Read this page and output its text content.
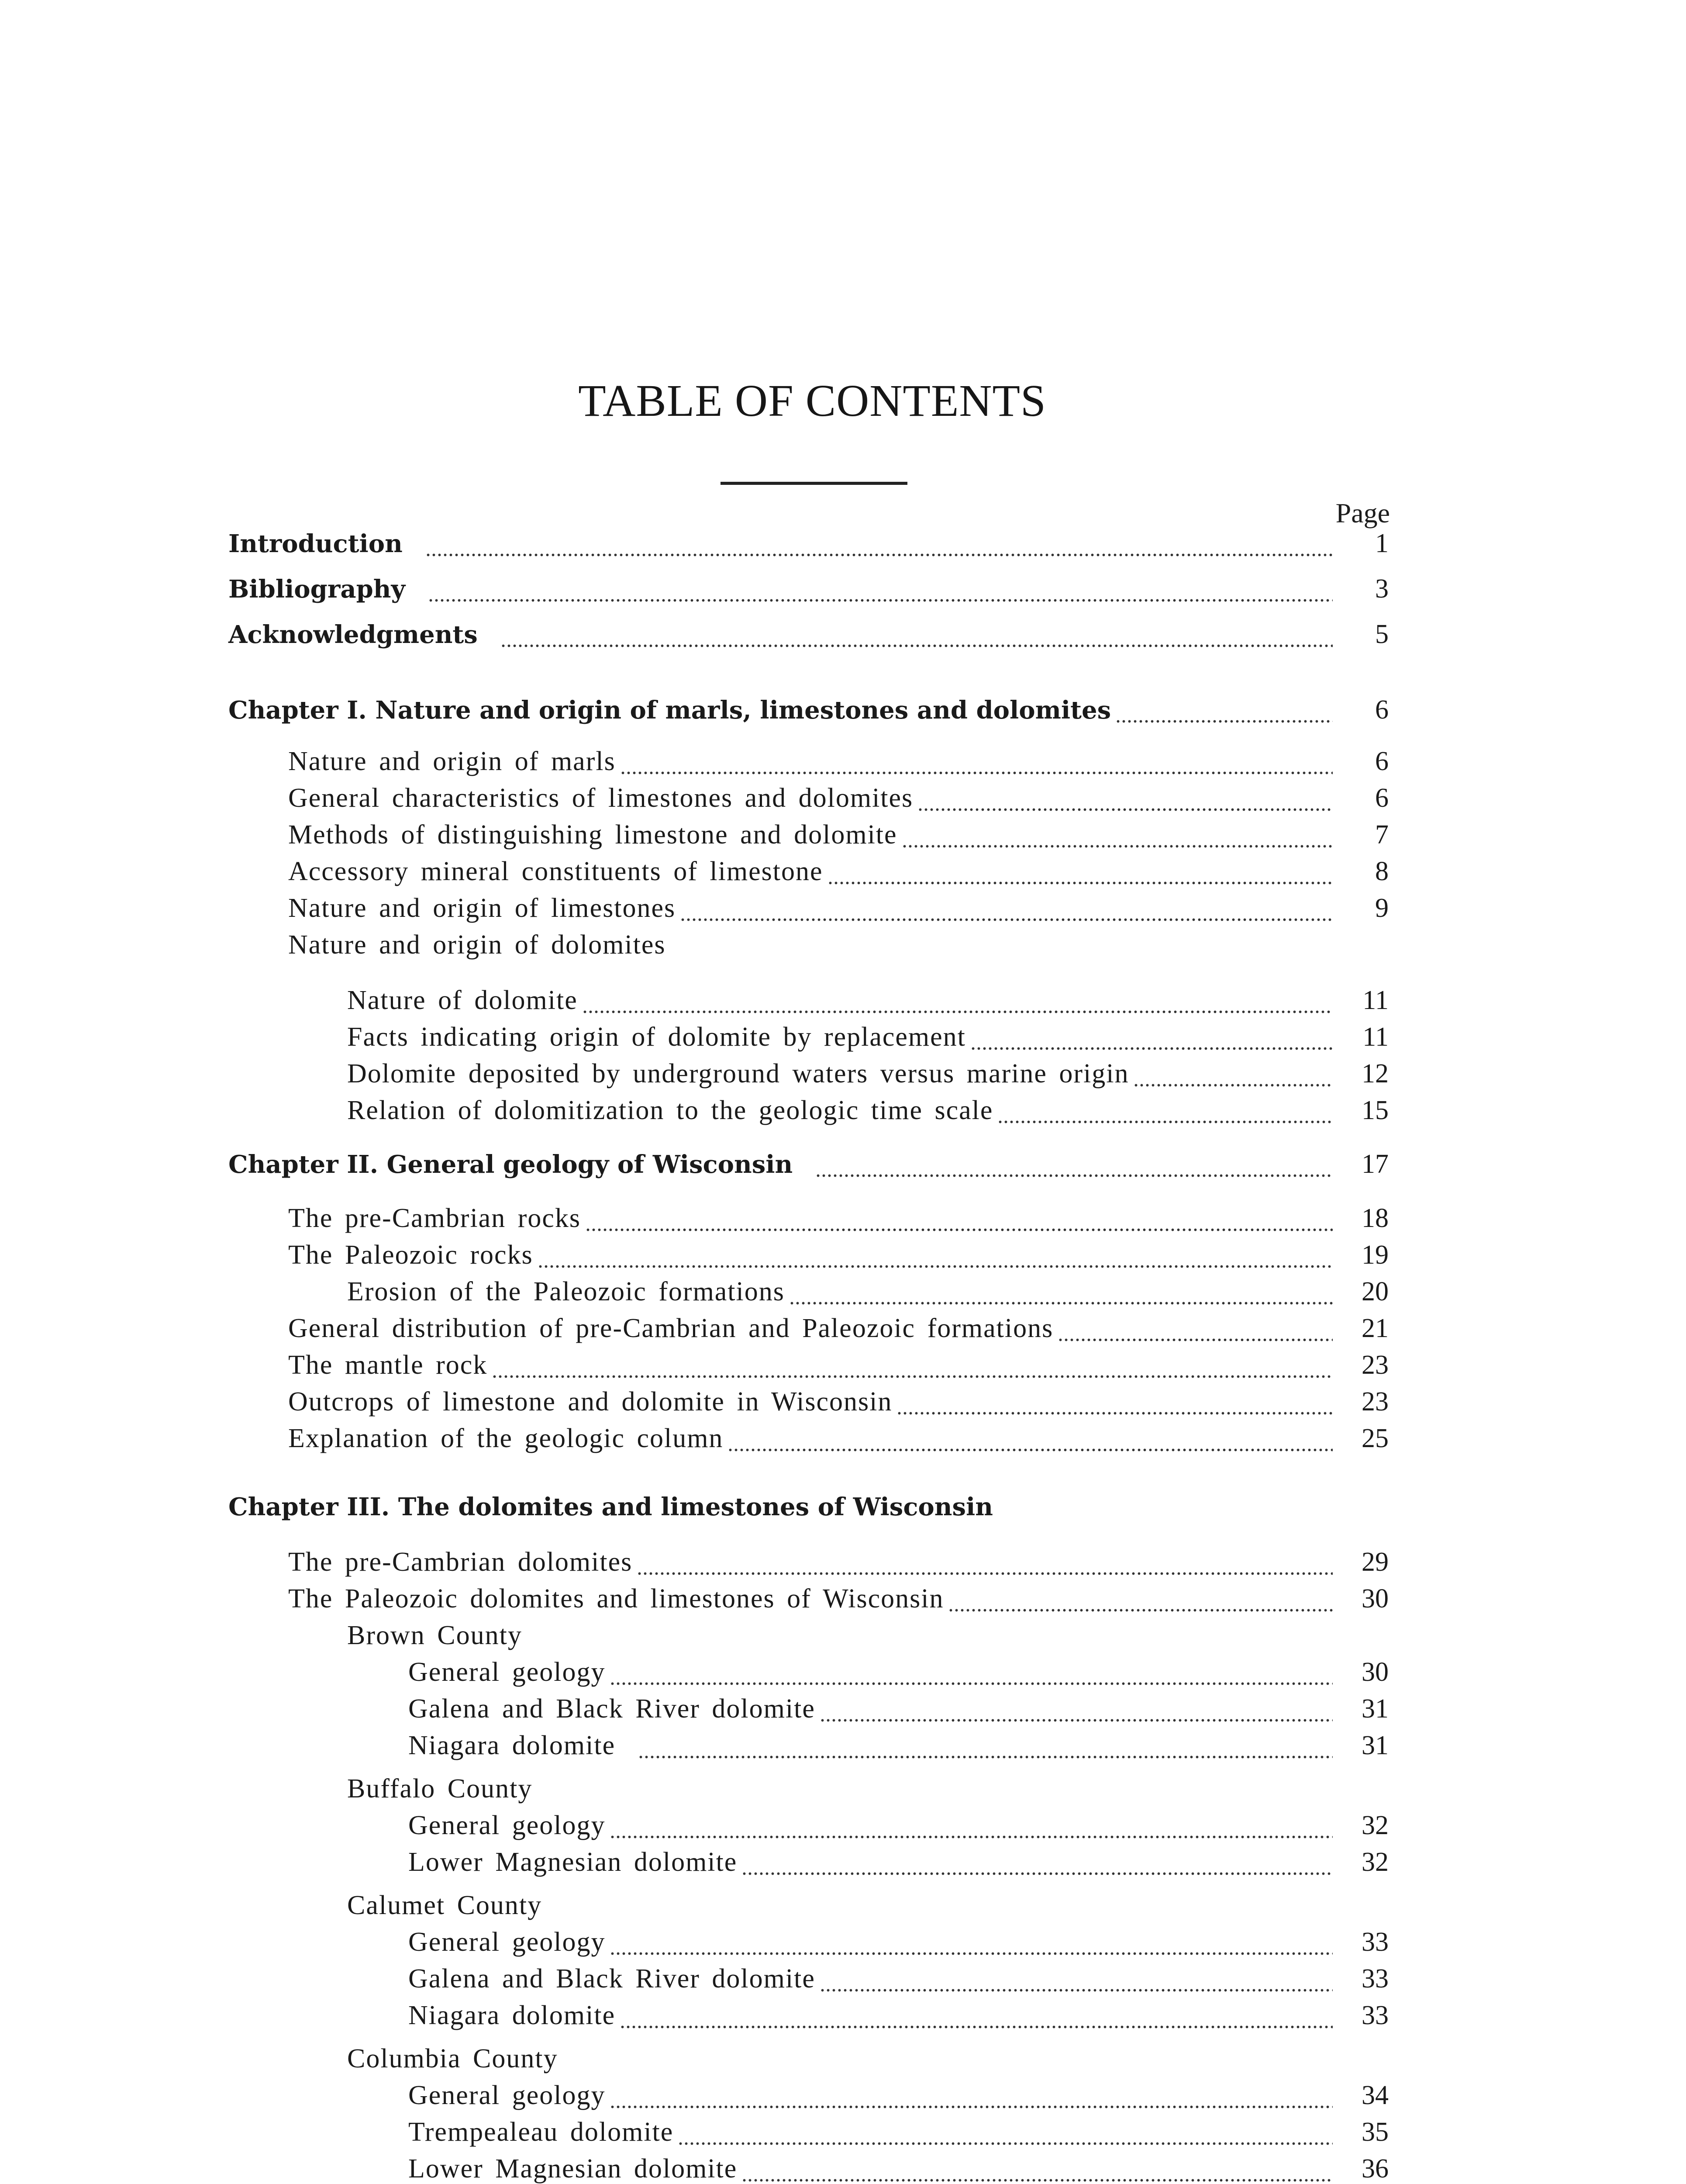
TABLE OF CONTENTS
Page
Introduction	1
Bibliography	3
Acknowledgments	5
Chapter I. Nature and origin of marls, limestones and dolomites	6
Nature and origin of marls	6
General characteristics of limestones and dolomites	6
Methods of distinguishing limestone and dolomite	7
Accessory mineral constituents of limestone	8
Nature and origin of limestones	9
Nature and origin of dolomites
Nature of dolomite	11
Facts indicating origin of dolomite by replacement	11
Dolomite deposited by underground waters versus marine origin	12
Relation of dolomitization to the geologic time scale	15
Chapter II. General geology of Wisconsin	17
The pre-Cambrian rocks	18
The Paleozoic rocks	19
Erosion of the Paleozoic formations	20
General distribution of pre-Cambrian and Paleozoic formations	21
The mantle rock	23
Outcrops of limestone and dolomite in Wisconsin	23
Explanation of the geologic column	25
Chapter III. The dolomites and limestones of Wisconsin
The pre-Cambrian dolomites	29
The Paleozoic dolomites and limestones of Wisconsin	30
Brown County
General geology	30
Galena and Black River dolomite	31
Niagara dolomite	31
Buffalo County
General geology	32
Lower Magnesian dolomite	32
Calumet County
General geology	33
Galena and Black River dolomite	33
Niagara dolomite	33
Columbia County
General geology	34
Trempealeau dolomite	35
Lower Magnesian dolomite	36
